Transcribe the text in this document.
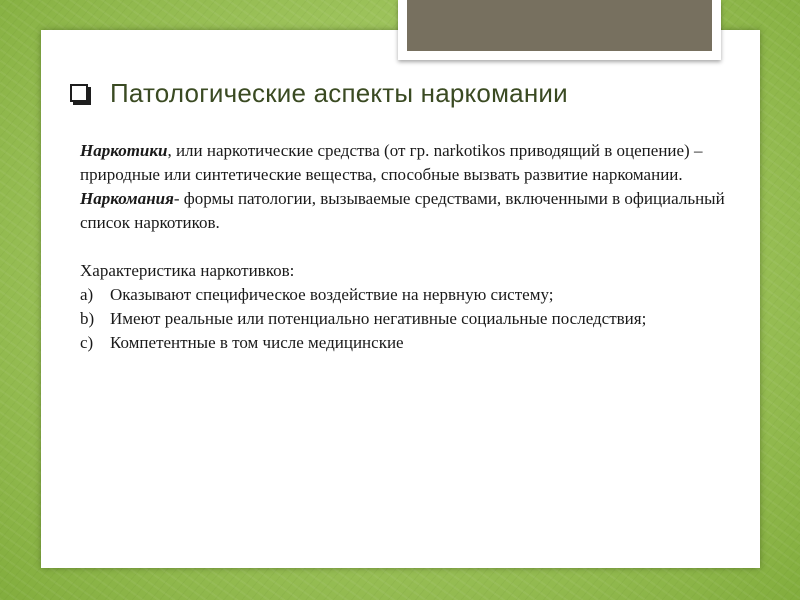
Патологические аспекты наркомании

Наркотики, или наркотические средства (от гр. narkotikos приводящий в оцепение) – природные или синтетические вещества, способные вызвать развитие наркомании. Наркомания- формы патологии, вызываемые средствами, включенными в официальный список наркотиков.

Характеристика наркотивков:

a) Оказывают специфическое воздействие на нервную систему;
b) Имеют реальные или потенциально негативные социальные последствия;
c) Компетентные в том числе медицинские
